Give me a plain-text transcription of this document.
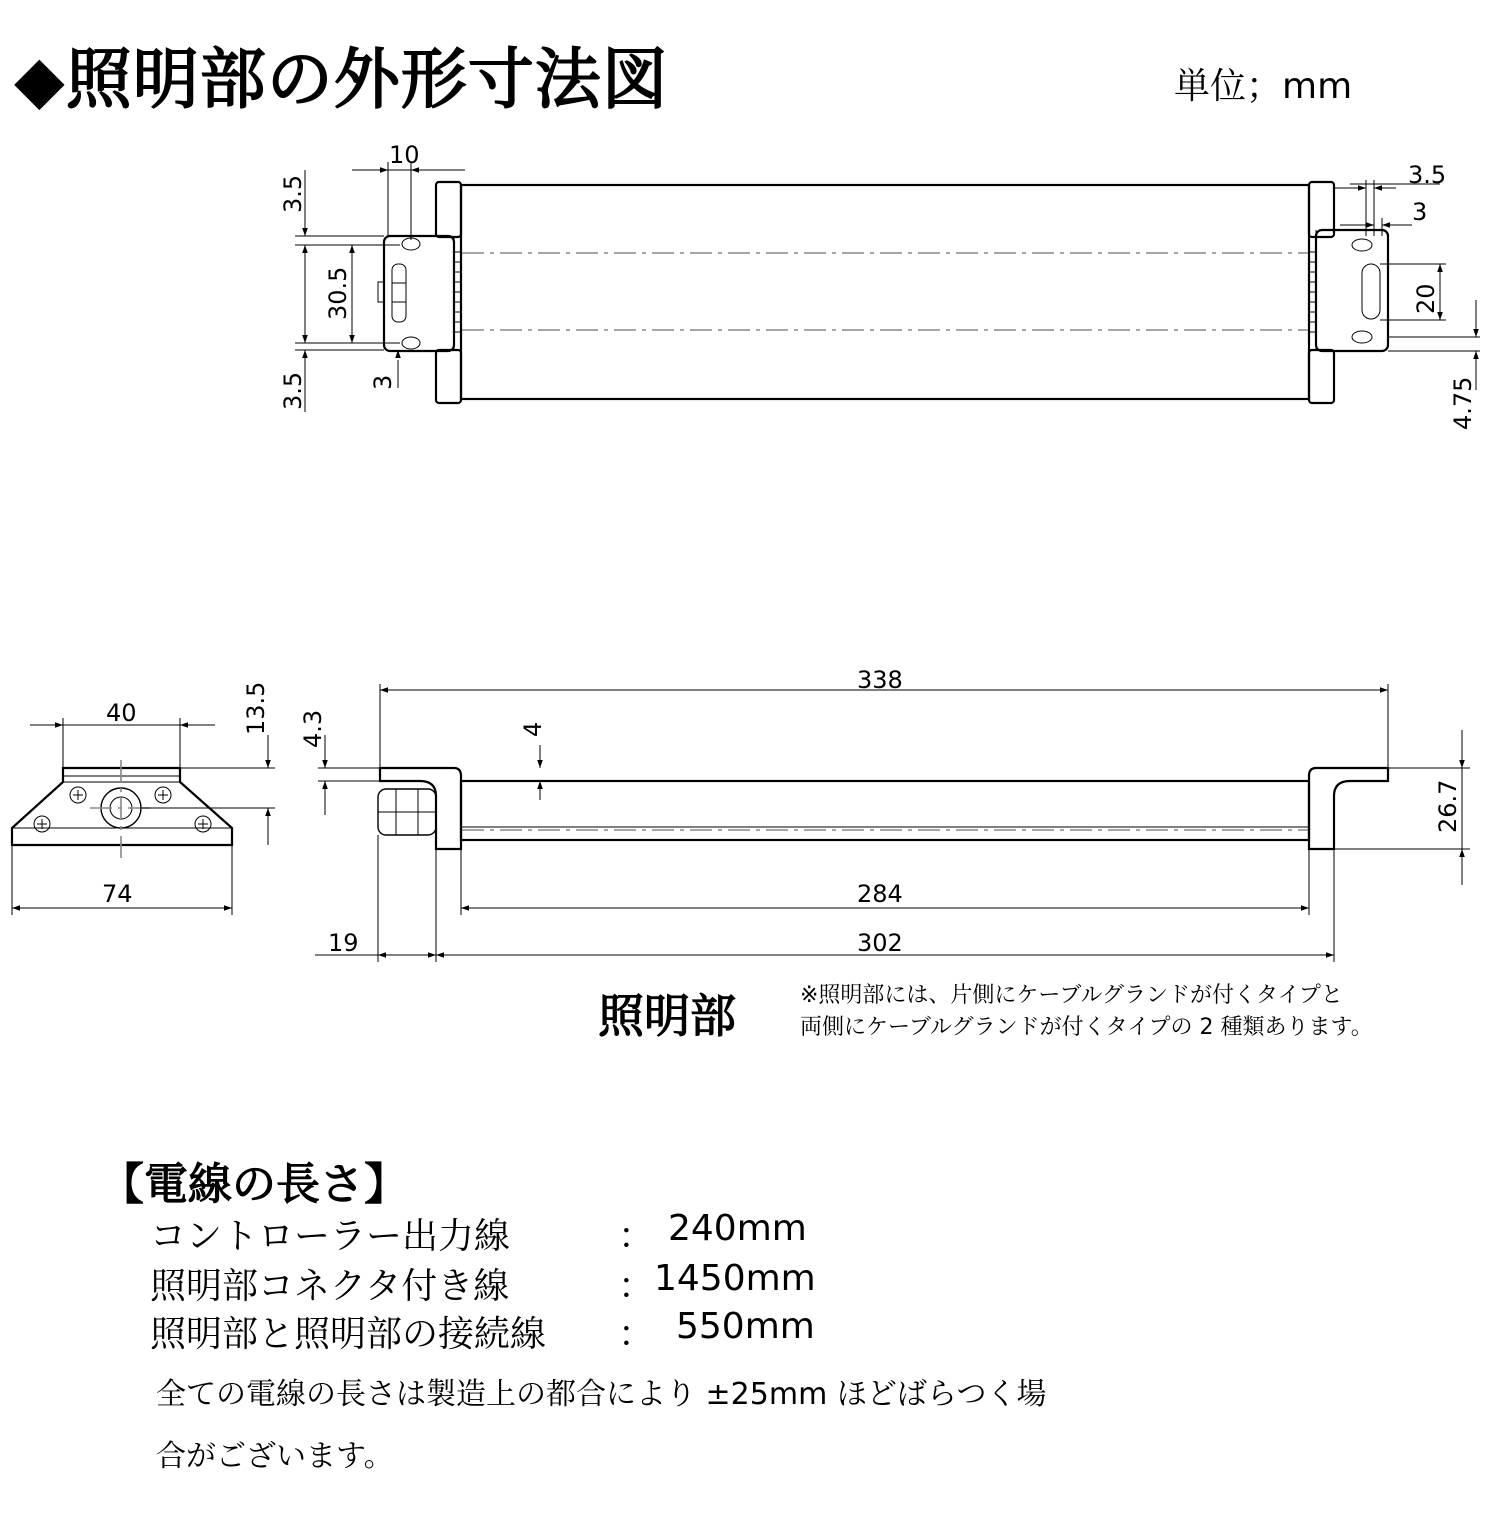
◆照明部の外形寸法図	単位；mm
10
3.5
30.5
3.5	3
3.5
3
20
4.75
40	13.5
74
338
4.3	4
26.7
284
19	302
照明部	※照明部には、片側にケーブルグランドが付くタイプと
両側にケーブルグランドが付くタイプの 2 種類あります。
【電線の長さ】
コントローラー出力線	： 240mm
照明部コネクタ付き線	： 1450mm
照明部と照明部の接続線 ： 550mm
全ての電線の長さは製造上の都合により ±25mm ほどばらつく場合がございます。
